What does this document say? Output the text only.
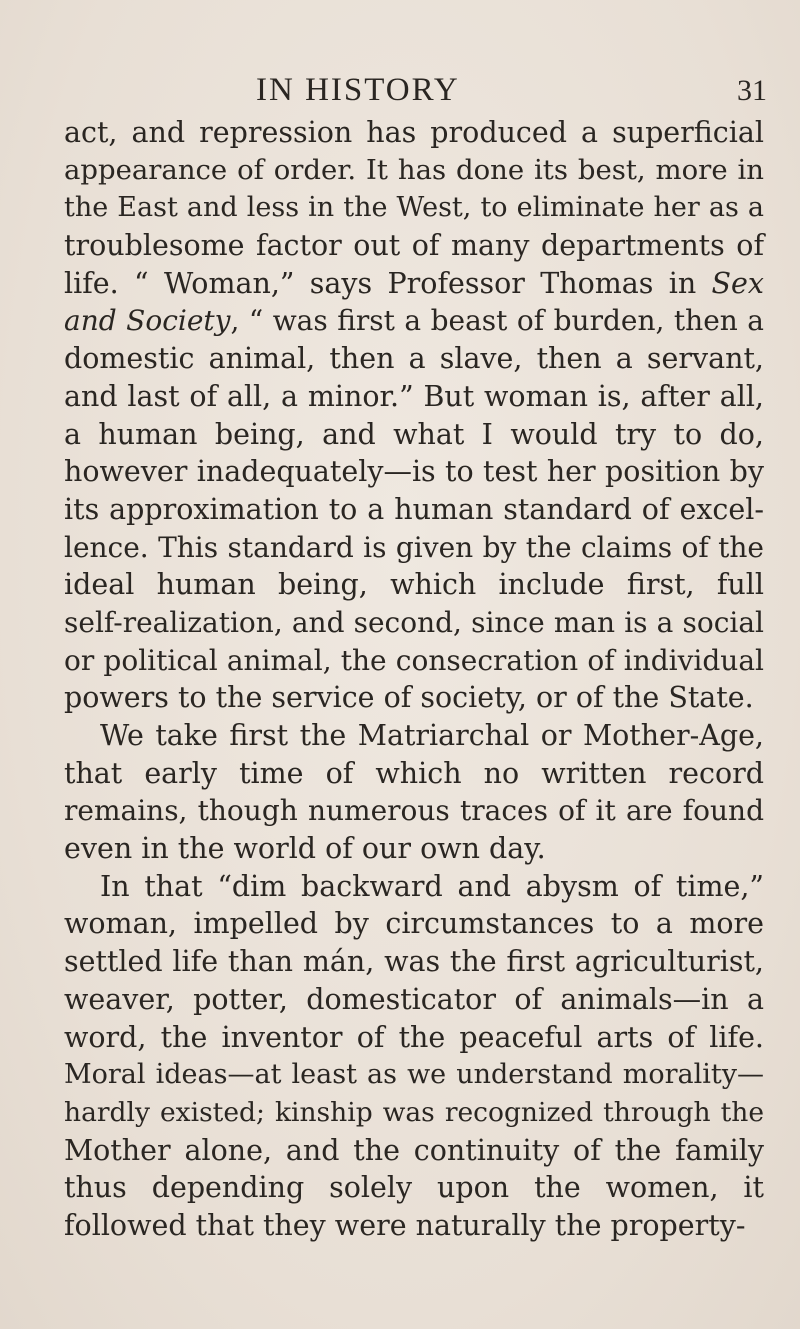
IN HISTORY	31
act, and repression has produced a superficial
appearance of order. It has done its best, more in
the East and less in the West, to eliminate her as a
troublesome factor out of many departments of
life. “ Woman,” says Professor Thomas in Sex
and Society, “ was first a beast of burden, then a
domestic animal, then a slave, then a servant,
and last of all, a minor.” But woman is, after all,
a human being, and what I would try to do,
however inadequately—is to test her position by
its approximation to a human standard of excel-
lence. This standard is given by the claims of the
ideal human being, which include first, full
self-realization, and second, since man is a social
or political animal, the consecration of individual
powers to the service of society, or of the State.
We take first the Matriarchal or Mother-Age,
that early time of which no written record
remains, though numerous traces of it are found
even in the world of our own day.
In that “dim backward and abysm of time,”
woman, impelled by circumstances to a more
settled life than mán, was the first agriculturist,
weaver, potter, domesticator of animals—in a
word, the inventor of the peaceful arts of life.
Moral ideas—at least as we understand morality—
hardly existed; kinship was recognized through the
Mother alone, and the continuity of the family
thus depending solely upon the women, it
followed that they were naturally the property-
